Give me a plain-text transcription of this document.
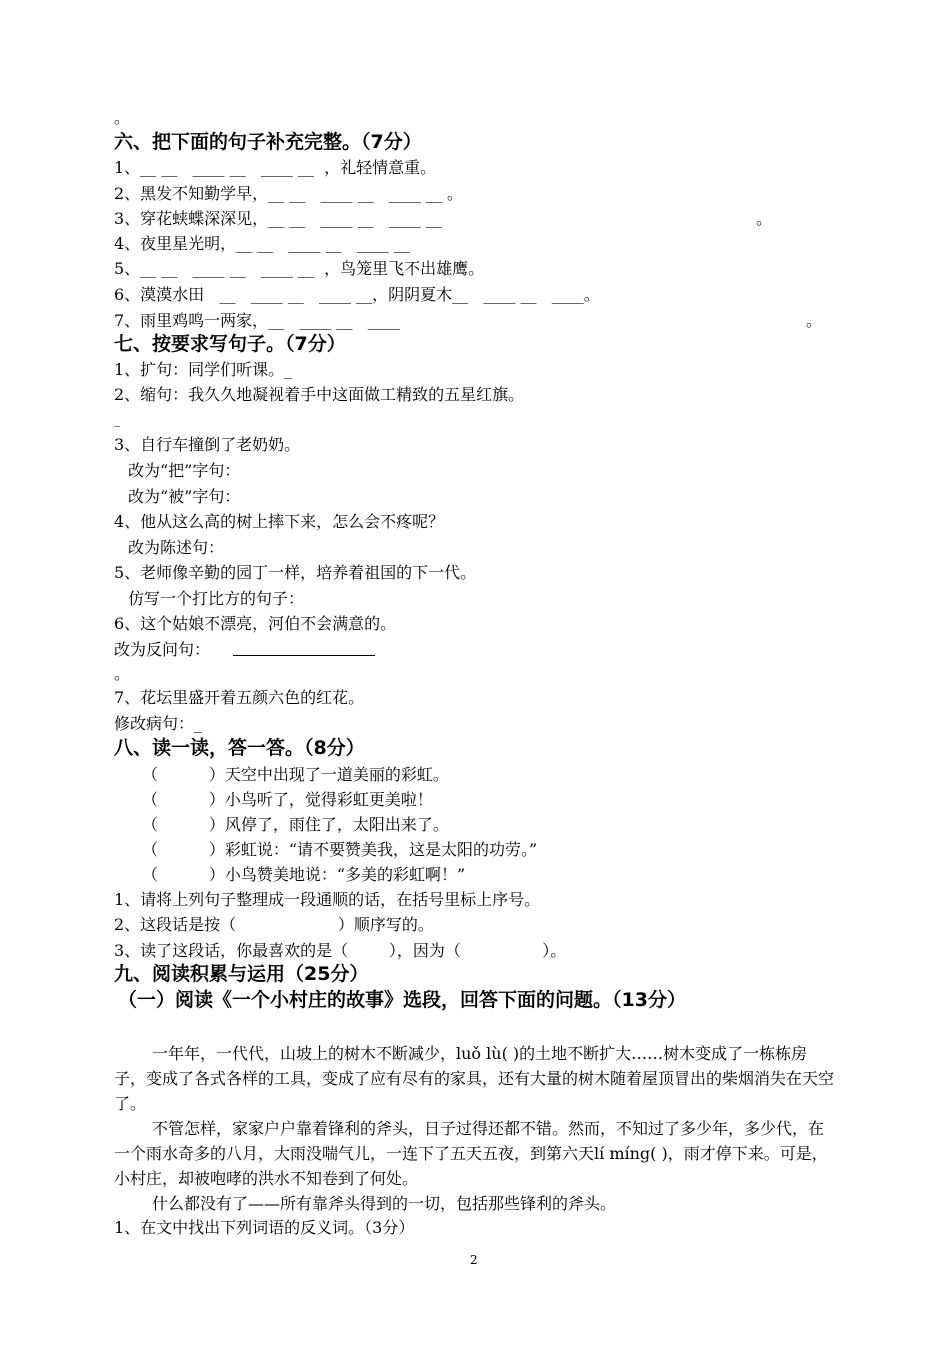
。
六、把下面的句子补充完整。（7分）
1、__ __   ____ __   ____ __  ，礼轻情意重。
2、黑发不知勤学早，__ __   ____ __   ____ __ 。
3、穿花蛱蝶深深见，__ __   ____ __   ____ __	。
4、夜里星光明，__ __   ____ __   ____ __
5、__ __   ____ __   ____ __  ，鸟笼里飞不出雄鹰。
6、漠漠水田   __   ____ __   ____ __，阴阴夏木__   ____ __   ____。
7、雨里鸡鸣一两家，__   ____ __   ____	。
七、按要求写句子。（7分）
1、扩句：同学们听课。_
2、缩句：我久久地凝视着手中这面做工精致的五星红旗。
_
3、自行车撞倒了老奶奶。
改为“把”字句：
改为“被”字句：
4、他从这么高的树上摔下来，怎么会不疼呢？
改为陈述句：
5、老师像辛勤的园丁一样，培养着祖国的下一代。
仿写一个打比方的句子：
6、这个姑娘不漂亮，河伯不会满意的。
改为反问句：
。
7、花坛里盛开着五颜六色的红花。
修改病句：_
八、读一读，答一答。（8分）
（          ）天空中出现了一道美丽的彩虹。
（          ）小鸟听了，觉得彩虹更美啦！
（          ）风停了，雨住了，太阳出来了。
（          ）彩虹说：“请不要赞美我，这是太阳的功劳。”
（          ）小鸟赞美地说：“多美的彩虹啊！”
1、请将上列句子整理成一段通顺的话，在括号里标上序号。
2、这段话是按（                    ）顺序写的。
3、读了这段话，你最喜欢的是（        ），因为（                ）。
九、阅读积累与运用（25分）
（一）阅读《一个小村庄的故事》选段，回答下面的问题。（13分）
一年年，一代代，山坡上的树木不断减少，luǒ lù( )的土地不断扩大……树木变成了一栋栋房子，变成了各式各样的工具，变成了应有尽有的家具，还有大量的树木随着屋顶冒出的柴烟消失在天空了。
不管怎样，家家户户靠着锋利的斧头，日子过得还都不错。然而，不知过了多少年，多少代，在一个雨水奇多的八月，大雨没喘气儿，一连下了五天五夜，到第六天lí míng( )，雨才停下来。可是，小村庄，却被咆哮的洪水不知卷到了何处。
什么都没有了——所有靠斧头得到的一切，包括那些锋利的斧头。
1、在文中找出下列词语的反义词。（3分）
2
